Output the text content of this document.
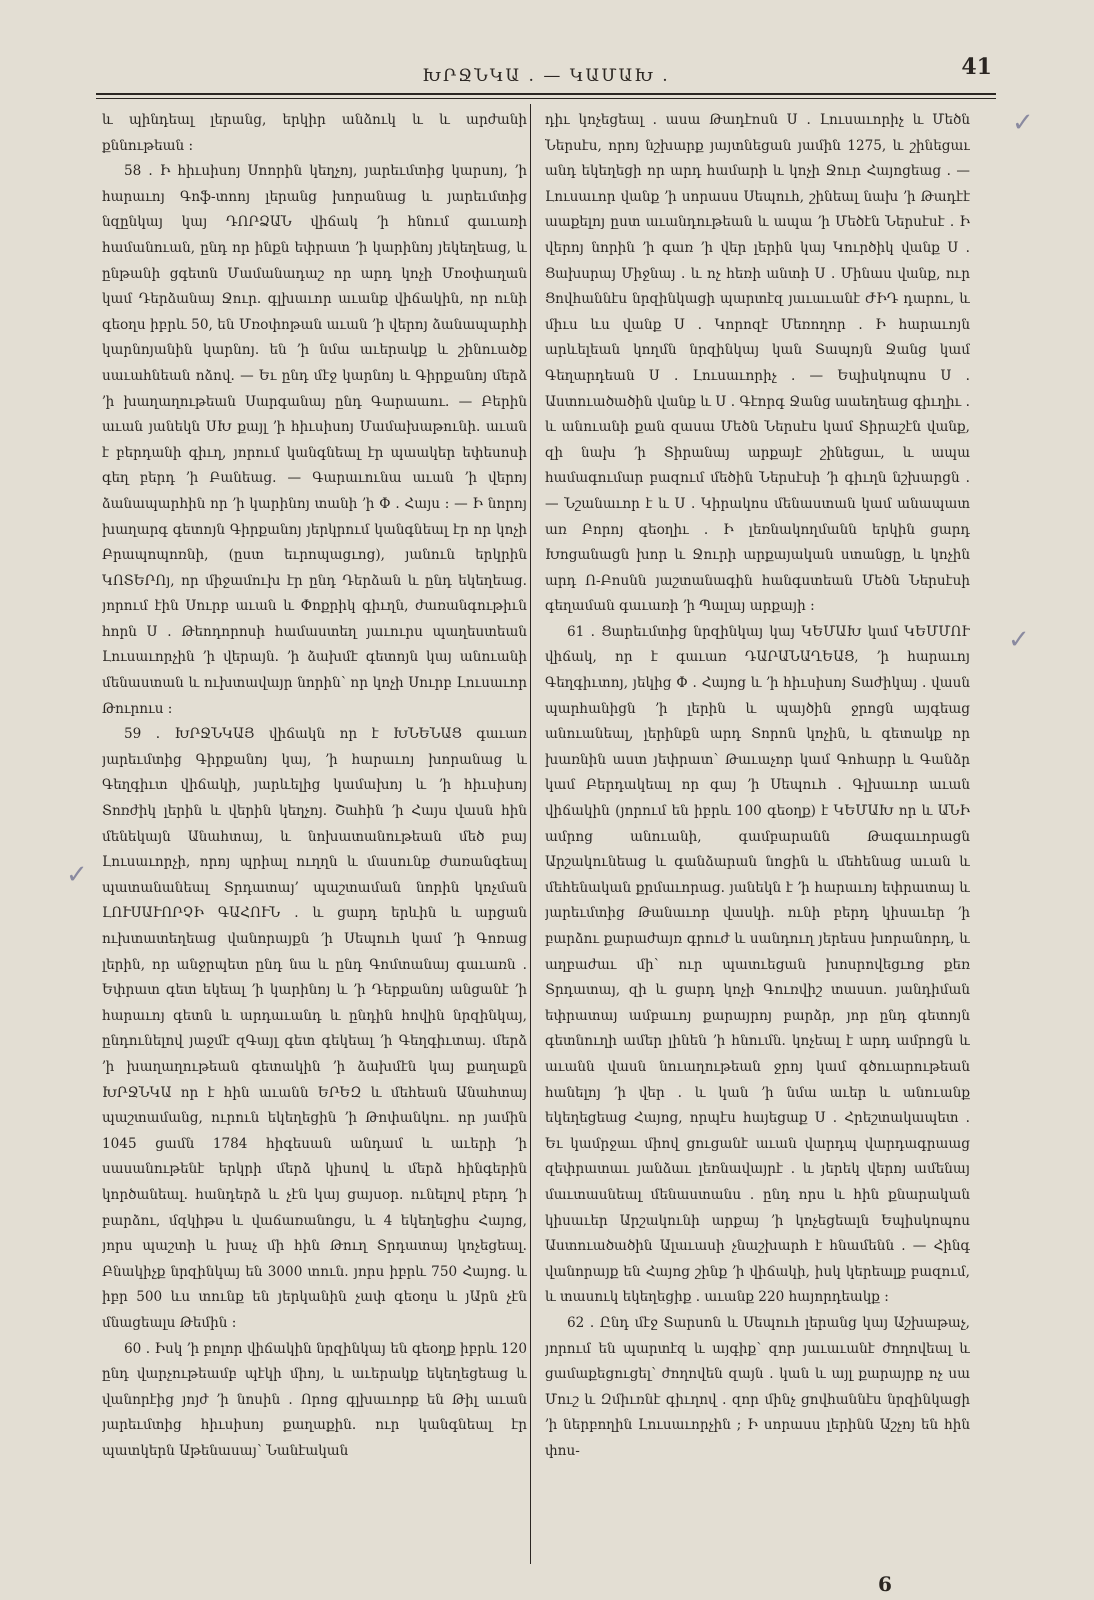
ԽՐՋՆԿԱ . — ԿԱՄԱԽ .	41

և պինդեալ լերանց, երկիր անձուկ և և արժանի քննութեան ։

58 . Ի հիւսիսոյ Սոորին կեղչոյ, յարեւմտից կարսոյ, ՚ի հարաւոյ Գոֆ-տոոյ լերանց խորանաց և յարեւմտից նզընկայ կայ ԴՈՐՁԱՆ վիճակ ՚ի հնում գաւառի համանուան, ընդ որ ինքն եփրատ ՚ի կարինոյ յեկեղեաց, և ընթանի ցգետն Մամանադաշ որ արդ կոչի Մռօփաղան կամ Դերձանայ Ջուր. գլխաւոր աւանք վիճակին, որ ունի գեօղս իբրև 50, են Մռօփոթան աւան ՚ի վերոյ ձանապարհի կարնոյանին կարնոյ. են ՚ի նմա աւերակք և շինուածք սաւահնեան ոձով. — Եւ ընդ մէջ կարնոյ և Գիրքանոյ մերձ ՚ի խաղաղութեան Սարգանայ ընդ Գարաաու. — Բերին աւան յանեկն ՍԽ քայլ ՚ի հիւսիսոյ Մամախաթունի. աւան է բերդանի գիւղ, յորում կանգնեալ էր պաակեր եփեսոսի գեղ բերդ ՚ի Բանեաց. — Գարաւունա աւան ՚ի վերոյ ձանապարհին որ ՚ի կարինոյ տանի ՚ի Փ . Հայս ։ — Ի նորոյ խաղարգ գետոյն Գիրքանոյ յերկրում կանգնեալ էր որ կոչի Բրապոպոռնի, (ըստ եւրոպացւոց), յանուն երկրին ԿՈՏԵՐՈյ, որ միջամուխ էր ընդ Դերձան և ընդ եկեղեաց. յորում էին Սուրբ աւան և Փոքրիկ գիւղն, ժառանգութիւն հորն Ս . Թեոդորոսի համաստեղ յաւուրս պաղեստեան Լուսաւորչին ՚ի վերայն. ՚ի ձախմէ գետոյն կայ անուանի մենաստան և ուխտավայր նորին՝ որ կոչի Սուրբ Լուսաւոր Թուրուս ։

59 . ԽՐՋՆԿԱՅ վիճակն որ է ԽՆԵՆԱՑ գաւառ յարեւմտից Գիրքանոյ կայ, ՚ի հարաւոյ խորանաց և Գեղգիւտ վիճակի, յարևելից կամախոյ և ՚ի հիւսիսոյ Տոռժիկ լերին և վերին կեղչոյ. Շահին ՚ի Հայս վասն հին մենեկայն Անահտայ, և նոխատանութեան մեծ բայ Լուսաւորչի, որոյ պրիալ ուղղն և մասունք ժառանգեալ պատանանեալ Տրդատայ՚ պաշտաման նորին կոչման ԼՈՒՍԱՒՈՐՉԻ ԳԱՀՈՒՆ . և ցարդ երևին և արցան ուխտատեղեաց վանորայքն ՚ի Սեպուհ կամ ՚ի Գոռաց լերին, որ անջրպետ ընդ նա և ընդ Գոմտանայ գաւառն . Եփրատ գետ եկեալ ՚ի կարինոյ և ՚ի Դերքանոյ անցանէ ՚ի հարաւոյ գետն և արդաւանդ և ընդին հովին նրզինկայ, ընդունելով յաջմէ զԳայլ գետ գեկեալ ՚ի Գեղգիւտայ. մերձ ՚ի խաղաղութեան գետակին ՚ի ձախմէն կայ քաղաքն ԽՐՋՆԿԱ որ է հին աւանն ԵՐԵԶ և մեհեան Անահտայ պաշտամանց, ուրուն եկեղեցին ՚ի Թոփանկու. որ յամին 1045 ցամն 1784 հիգեսան անդամ և աւերի ՚ի սասանութենէ երկրի մերձ կիսով և մերձ հինգերին կործանեալ. հանդերձ և չէն կայ ցայսօր. ունելով բերդ ՚ի բարձու, մզկիթս և վաճառանոցս, և 4 եկեղեցիս Հայոց, յորս պաշտի և խաչ մի հին Թուղ Տրդատայ կոչեցեալ. Բնակիչք նրզինկայ են 3000 տուն. յորս իբրև 750 Հայոց. և իբր 500 ևս տունք են յերկանին չափ գեօղս և յԱրն չէն մնացեալս Թեմին ։

60 . Իսկ ՚ի բոլոր վիճակին նրզինկայ են գեօղք իբրև 120 ընդ վարչութեամբ պէկի միոյ, և աւերակք եկեղեցեաց և վանորէից յոյժ ՚ի նոսին . Որոց գլխաւորք են Թիլ աւան յարեւմտից հիւսիսոյ քաղաքին. ուր կանգնեալ էր պատկերն Աթենասայ՝ Նանէական

դիւ կոչեցեալ . ասա Թադէոսն Ս . Լուսաւորիչ և Մեծն Ներսէս, որոյ նշխարք յայտնեցան յամին 1275, և շինեցաւ անդ եկեղեցի որ արդ համարի և կոչի Ջուր Հայոցեաց . — Լուսաւոր վանք ՚ի սորասս Սեպուհ, շինեալ նախ ՚ի Թադէէ աաքելոյ ըստ աւանդութեան և ապա ՚ի Մեծէն Ներսէսէ . Ի վերոյ նորին ՚ի գառ ՚ի վեր լերին կայ Կուրծիկ վանք Ս . Ցախսրայ Միջնայ . և ոչ հեռի անտի Ս . Մինաս վանք, ուր Ցովհաննէս նրզինկացի պարտէզ յաւաւանէ ԺԻԴ դարու, և միւս ևս վանք Ս . Կորոզէ Մեռողոր . Ի հարաւոյն արևելեան կողմն նրզինկայ կան Տապոյն Ջանց կամ Գեղարդեան Ս . Լուսաւորիչ . — Եպիսկոպոս Ս . Աստուածածին վանք և Ս . Գէորգ Ջանց աաեղեաց գիւղիւ . և անուանի քան զասա Մեծն Ներսէս կամ Տիրաշէն վանք, զի նախ ՚ի Տիրանայ արքայէ շինեցաւ, և ապա համագումար բազում մեծին Ներսէսի ՚ի գիւղն նշխարցն . — Նշանաւոր է և Ս . Կիրակոս մենաստան կամ անապատ առ Բորոյ գեօղիւ . Ի լեռնակողմանն երկին ցարդ Խոցանացն խոր և Ջուրի արքայական ստանցը, և կոչին արդ Ո-Բոսնն յաշտանագին հանգստեան Մեծն Ներսէսի գեղաման գաւառի ՚ի Պալայ արքայի ։

61 . Ցարեւմտից նրզինկայ կայ ԿԵՄԱԽ կամ ԿԵՄՄՈՒ վիճակ, որ է գաւառ ԴԱՐԱՆԱՂԵԱՑ, ՚ի հարաւոյ Գեղգիւտոյ, յեկից Փ . Հայոց և ՚ի հիւսիսոյ Տաժիկայ . վասն պարհանիցն ՚ի լերին և պայծին ջրոցն այգեաց անուանեալ, լերինքն արդ Տորոն կոչին, և գետակք որ խառնին աստ յեփրատ՝ Թաւաչոր կամ Գոհարր և Գանձր կամ Բերդակեալ որ գայ ՚ի Սեպուհ . Գլխաւոր աւան վիճակին (յորում են իբրև 100 գեօղք) է ԿԵՄԱԽ որ և ԱՆԻ ամրոց անուանի, գամբարանն Թագաւորացն Արշակունեաց և գանձարան նոցին և մեհենաց աւան և մեհենական քրմաւորաց. յանեկն է ՚ի հարաւոյ եփրատայ և յարեւմտից Թանաւոր վասկի. ունի բերդ կիսաւեր ՚ի բարձու քարաժայռ գրուժ և սանդուղ յերեսս խորանորդ, և աղբաժաւ մի՝ ուր պատւեցան խոսրովեցւոց քեռ Տրդատայ, զի և ցարդ կոչի Գուռվիշ տասսո. յանդիման եփրատայ ամբաւոյ քարայրոյ բարձր, յոր ընդ գետոյն գետնուղի ամեր լինեն ՚ի հնումն. կոչեալ է արդ ամրոցն և աւանն վասն նուաղութեան ջրոյ կամ գծուարութեան հանելոյ ՚ի վեր . և կան ՚ի նմա աւեր և անուանք եկեղեցեաց Հայոց, որպէս հայեցաք Ս . Հրեշտակապետ . Եւ կամրջաւ միով ցուցանէ աւան վարդպ վարդագրաաց զեփրատաւ յանձաւ լեռնավայրէ . և յերեկ վերոյ ամենայ մաւտասնեալ մենաստանս . ընդ որս և հին քնարական կիսաւեր Արշակունի արքայ ՚ի կոչեցեալն Եպիսկոպոս Աստուածածին Ալաւասի չնաշխարհ է հնամենն . — Հինգ վանորայք են Հայոց շինք ՚ի վիճակի, իսկ կերեալք բազում, և տասուկ եկեղեցիք . աւանք 220 հայորդեակք ։

62 . Ընդ մէջ Տարսոն և Սեպուհ լերանց կայ Աշխաթաչ, յորում են պարտէզ և այգիք՝ զոր յաւաւանէ ժողովեալ և ցամաքեցուցել՝ ժողովեն զայն . կան և այլ քարայրք ոչ սա Մուշ և Զմիւռնէ գիւղով . զոր մինչ ցովհաննէս նրզինկացի ՚ի ներբողին Լուսաւորչին ; Ի սորասս լերինն Աշչոյ են հին փոս-

✓
✓
✓
6
